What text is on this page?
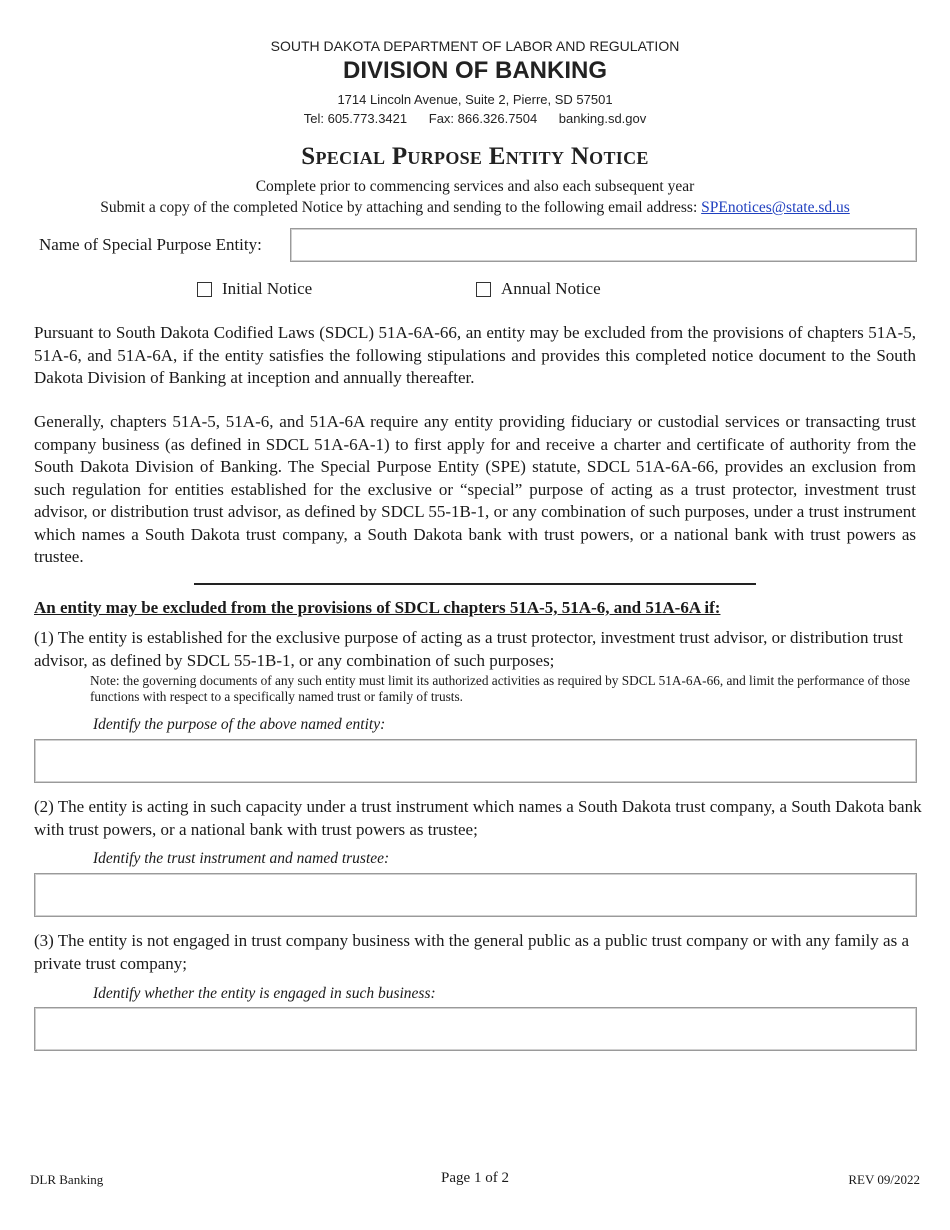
SOUTH DAKOTA DEPARTMENT OF LABOR AND REGULATION
DIVISION OF BANKING
1714 Lincoln Avenue, Suite 2, Pierre, SD 57501
Tel: 605.773.3421 Fax: 866.326.7504 banking.sd.gov
Special Purpose Entity Notice
Complete prior to commencing services and also each subsequent year
Submit a copy of the completed Notice by attaching and sending to the following email address: SPEnotices@state.sd.us
Name of Special Purpose Entity:
Initial Notice	Annual Notice
Pursuant to South Dakota Codified Laws (SDCL) 51A-6A-66, an entity may be excluded from the provisions of chapters 51A-5, 51A-6, and 51A-6A, if the entity satisfies the following stipulations and provides this completed notice document to the South Dakota Division of Banking at inception and annually thereafter.
Generally, chapters 51A-5, 51A-6, and 51A-6A require any entity providing fiduciary or custodial services or transacting trust company business (as defined in SDCL 51A-6A-1) to first apply for and receive a charter and certificate of authority from the South Dakota Division of Banking. The Special Purpose Entity (SPE) statute, SDCL 51A-6A-66, provides an exclusion from such regulation for entities established for the exclusive or “special” purpose of acting as a trust protector, investment trust advisor, or distribution trust advisor, as defined by SDCL 55-1B-1, or any combination of such purposes, under a trust instrument which names a South Dakota trust company, a South Dakota bank with trust powers, or a national bank with trust powers as trustee.
An entity may be excluded from the provisions of SDCL chapters 51A-5, 51A-6, and 51A-6A if:
(1) The entity is established for the exclusive purpose of acting as a trust protector, investment trust advisor, or distribution trust advisor, as defined by SDCL 55-1B-1, or any combination of such purposes;
Note: the governing documents of any such entity must limit its authorized activities as required by SDCL 51A-6A-66, and limit the performance of those functions with respect to a specifically named trust or family of trusts.
Identify the purpose of the above named entity:
(2) The entity is acting in such capacity under a trust instrument which names a South Dakota trust company, a South Dakota bank with trust powers, or a national bank with trust powers as trustee;
Identify the trust instrument and named trustee:
(3) The entity is not engaged in trust company business with the general public as a public trust company or with any family as a private trust company;
Identify whether the entity is engaged in such business:
DLR Banking	Page 1 of 2	REV 09/2022
